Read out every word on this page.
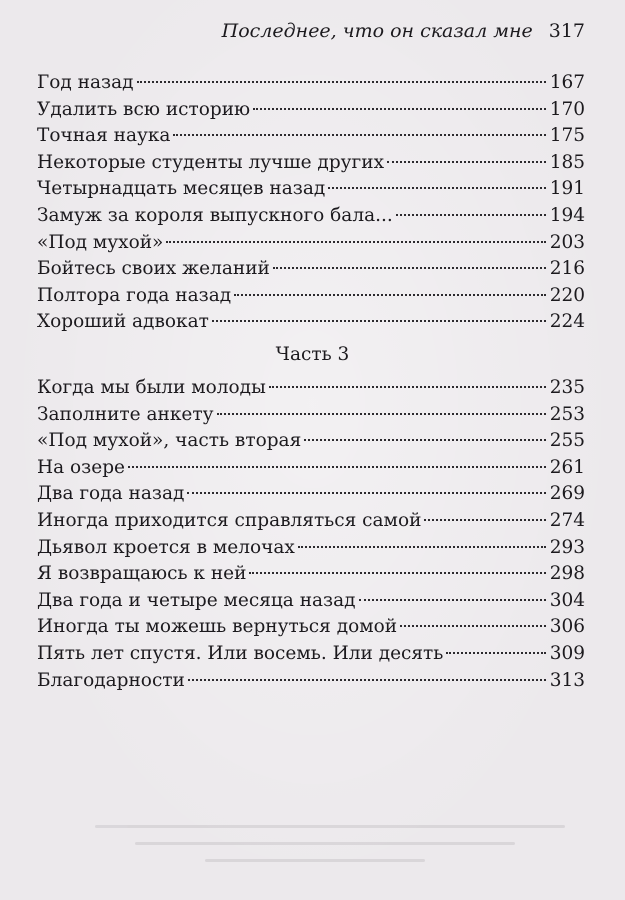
Последнее, что он сказал мне 317
Год назад	167
Удалить всю историю	170
Точная наука	175
Некоторые студенты лучше других	185
Четырнадцать месяцев назад	191
Замуж за короля выпускного бала...	194
«Под мухой»	203
Бойтесь своих желаний	216
Полтора года назад	220
Хороший адвокат	224
Часть 3
Когда мы были молоды	235
Заполните анкету	253
«Под мухой», часть вторая	255
На озере	261
Два года назад	269
Иногда приходится справляться самой	274
Дьявол кроется в мелочах	293
Я возвращаюсь к ней	298
Два года и четыре месяца назад	304
Иногда ты можешь вернуться домой	306
Пять лет спустя. Или восемь. Или десять	309
Благодарности	313
